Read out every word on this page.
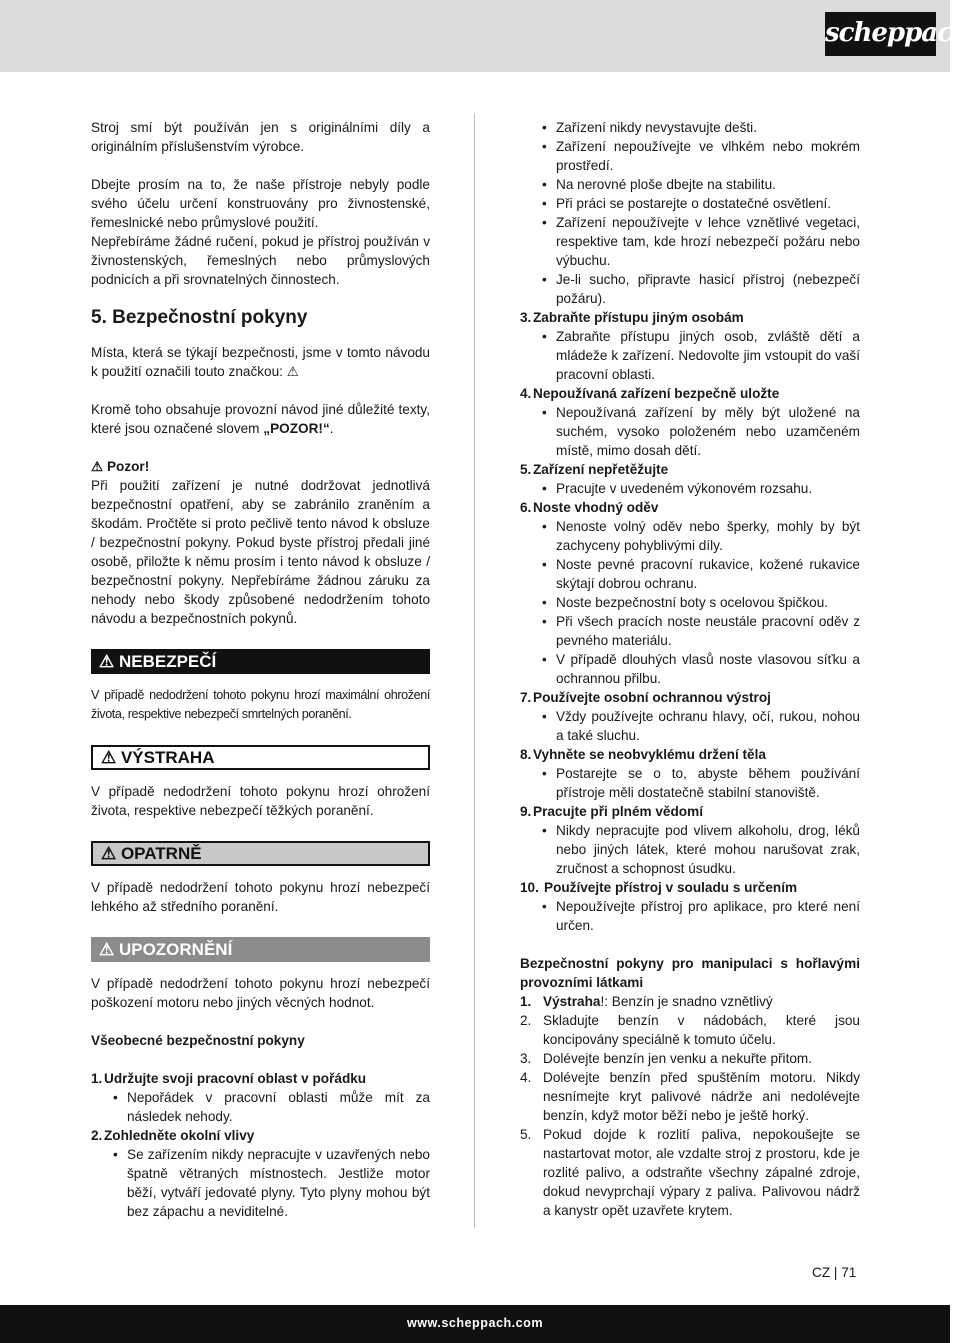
scheppach

Stroj smí být používán jen s originálními díly a originálním příslušenstvím výrobce.

Dbejte prosím na to, že naše přístroje nebyly podle svého účelu určení konstruovány pro živnostenské, řemeslnické nebo průmyslové použití.

Nepřebíráme žádné ručení, pokud je přístroj používán v živnostenských, řemeslných nebo průmyslových podnicích a při srovnatelných činnostech.

5. Bezpečnostní pokyny

Místa, která se týkají bezpečnosti, jsme v tomto návodu k použití označili touto značkou: ⚠

Kromě toho obsahuje provozní návod jiné důležité texty, které jsou označené slovem „POZOR!“.

⚠ Pozor!

Při použití zařízení je nutné dodržovat jednotlivá bezpečnostní opatření, aby se zabránilo zraněním a škodám. Pročtěte si proto pečlivě tento návod k obsluze / bezpečnostní pokyny. Pokud byste přístroj předali jiné osobě, přiložte k němu prosím i tento návod k obsluze / bezpečnostní pokyny. Nepřebíráme žádnou záruku za nehody nebo škody způsobené nedodržením tohoto návodu a bezpečnostních pokynů.

⚠ NEBEZPEČÍ

V případě nedodržení tohoto pokynu hrozí maximální ohrožení života, respektive nebezpečí smrtelných poranění.

⚠ VÝSTRAHA

V případě nedodržení tohoto pokynu hrozí ohrožení života, respektive nebezpečí těžkých poranění.

⚠ OPATRNĚ

V případě nedodržení tohoto pokynu hrozí nebezpečí lehkého až středního poranění.

⚠ UPOZORNĚNÍ

V případě nedodržení tohoto pokynu hrozí nebezpečí poškození motoru nebo jiných věcných hodnot.

Všeobecné bezpečnostní pokyny

1. Udržujte svoji pracovní oblast v pořádku
• Nepořádek v pracovní oblasti může mít za následek nehody.
2. Zohledněte okolní vlivy
• Se zařízením nikdy nepracujte v uzavřených nebo špatně větraných místnostech. Jestliže motor běží, vytváří jedovaté plyny. Tyto plyny mohou být bez zápachu a neviditelné.
• Zařízení nikdy nevystavujte dešti.
• Zařízení nepoužívejte ve vlhkém nebo mokrém prostředí.
• Na nerovné ploše dbejte na stabilitu.
• Při práci se postarejte o dostatečné osvětlení.
• Zařízení nepoužívejte v lehce vznětlivé vegetaci, respektive tam, kde hrozí nebezpečí požáru nebo výbuchu.
• Je-li sucho, připravte hasicí přístroj (nebezpečí požáru).
3. Zabraňte přístupu jiným osobám
• Zabraňte přístupu jiných osob, zvláště dětí a mládeže k zařízení. Nedovolte jim vstoupit do vaší pracovní oblasti.
4. Nepoužívaná zařízení bezpečně uložte
• Nepoužívaná zařízení by měly být uložené na suchém, vysoko položeném nebo uzamčeném místě, mimo dosah dětí.
5. Zařízení nepřetěžujte
• Pracujte v uvedeném výkonovém rozsahu.
6. Noste vhodný oděv
• Nenoste volný oděv nebo šperky, mohly by být zachyceny pohyblivými díly.
• Noste pevné pracovní rukavice, kožené rukavice skýtají dobrou ochranu.
• Noste bezpečnostní boty s ocelovou špičkou.
• Při všech pracích noste neustále pracovní oděv z pevného materiálu.
• V případě dlouhých vlasů noste vlasovou síťku a ochrannou přilbu.
7. Používejte osobní ochrannou výstroj
• Vždy používejte ochranu hlavy, očí, rukou, nohou a také sluchu.
8. Vyhněte se neobvyklému držení těla
• Postarejte se o to, abyste během používání přístroje měli dostatečně stabilní stanoviště.
9. Pracujte při plném vědomí
• Nikdy nepracujte pod vlivem alkoholu, drog, léků nebo jiných látek, které mohou narušovat zrak, zručnost a schopnost úsudku.
10. Používejte přístroj v souladu s určením
• Nepoužívejte přístroj pro aplikace, pro které není určen.

Bezpečnostní pokyny pro manipulaci s hořlavými provozními látkami

1. Výstraha!: Benzín je snadno vznětlivý
2. Skladujte benzín v nádobách, které jsou koncipovány speciálně k tomuto účelu.
3. Dolévejte benzín jen venku a nekuřte přitom.
4. Dolévejte benzín před spuštěním motoru. Nikdy nesnímejte kryt palivové nádrže ani nedolévejte benzín, když motor běží nebo je ještě horký.
5. Pokud dojde k rozlití paliva, nepokoušejte se nastartovat motor, ale vzdalte stroj z prostoru, kde je rozlité palivo, a odstraňte všechny zápalné zdroje, dokud nevyprchají výpary z paliva. Palivovou nádrž a kanystr opět uzavřete krytem.
CZ | 71
www.scheppach.com
